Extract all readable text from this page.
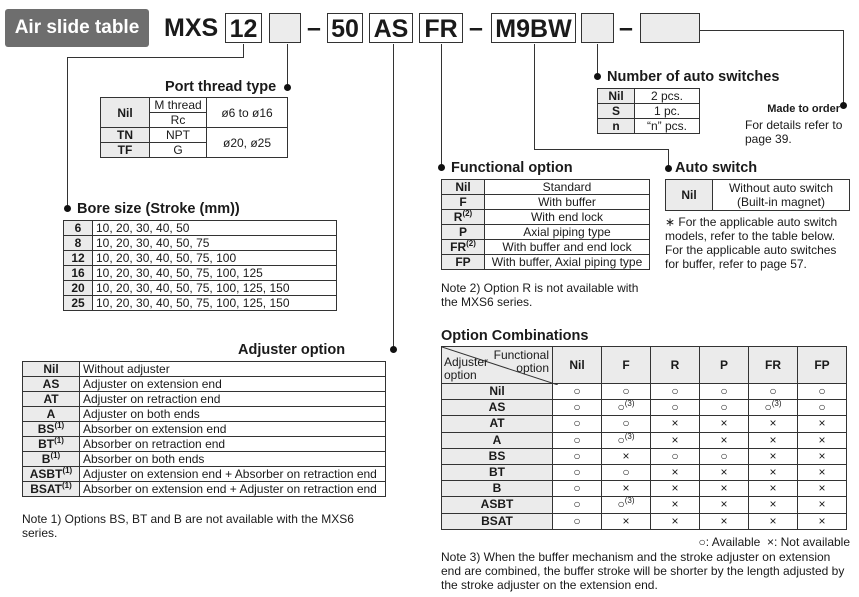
Air slide table MXS 12 – 50 AS FR – M9BW –
Port thread type
Nil	M thread	ø6 to ø16
	Rc	
TN	NPT	ø20, ø25
TF	G	
Bore size (Stroke (mm))
6	10, 20, 30, 40, 50
8	10, 20, 30, 40, 50, 75
12	10, 20, 30, 40, 50, 75, 100
16	10, 20, 30, 40, 50, 75, 100, 125
20	10, 20, 30, 40, 50, 75, 100, 125, 150
25	10, 20, 30, 40, 50, 75, 100, 125, 150
Adjuster option
Nil	Without adjuster
AS	Adjuster on extension end
AT	Adjuster on retraction end
A	Adjuster on both ends
BS$^{(1)}$	Absorber on extension end
BT$^{(1)}$	Absorber on retraction end
$B^{(1)}$	Absorber on both ends
ASBT$^{(1)}$	Adjuster on extension end + Absorber on retraction end
BSAT$^{(1)}$	Absorber on extension end + Adjuster on retraction end
Note 1) Options BS, BT and B are not available with the MXS6 series.
Functional option
Nil	Standard
F	With buffer
$R^{(2)}$	With end lock
P	Axial piping type
FR$^{(2)}$	With buffer and end lock
FP	With buffer, Axial piping type
Note 2) Option R is not available with the MXS6 series.
Number of auto switches
Nil	2 pcs.
S	1 pc.
n	“n” pcs.
Made to order
For details refer to page 39.
Auto switch
Nil	Without auto switch (Built-in magnet)
∗ For the applicable auto switch models, refer to the table below. For the applicable auto switches for buffer, refer to page 57.
Option Combinations
Functional option
Adjuster option	Nil	F	R	P	FR	FP
Nil	○	○	○	○	○	○
AS	○	○$^{(3)}$	○	○	○$^{(3)}$	○
AT	○	○	×	×	×	×
A	○	○$^{(3)}$	×	×	×	×
BS	○	×	○	○	×	×
BT	○	○	×	×	×	×
B	○	×	×	×	×	×
ASBT	○	○$^{(3)}$	×	×	×	×
BSAT	○	×	×	×	×	×
○: Available  ×: Not available
Note 3) When the buffer mechanism and the stroke adjuster on extension end are combined, the buffer stroke will be shorter by the length adjusted by the stroke adjuster on the extension end.
